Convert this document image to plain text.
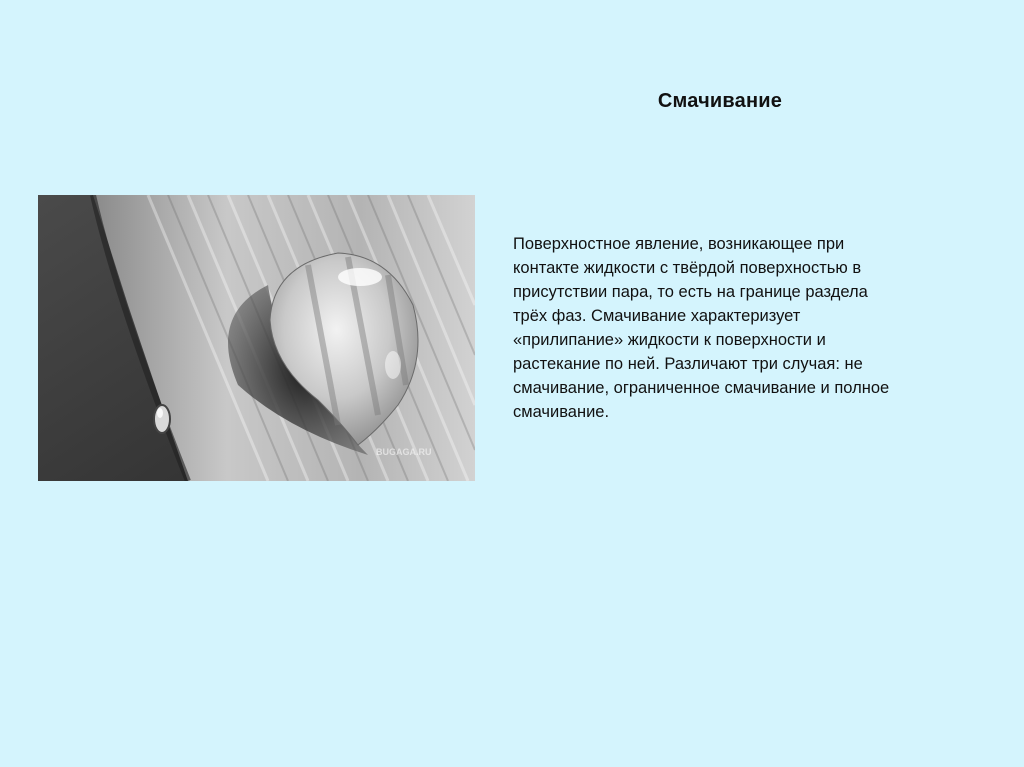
Смачивание
BUGAGA.RU
Поверхностное явление, возникающее при
контакте жидкости с твёрдой поверхностью в
присутствии пара, то есть на границе раздела
трёх фаз. Смачивание характеризует
«прилипание» жидкости к поверхности и
растекание по ней. Различают три случая: не
смачивание, ограниченное смачивание и полное
смачивание.
